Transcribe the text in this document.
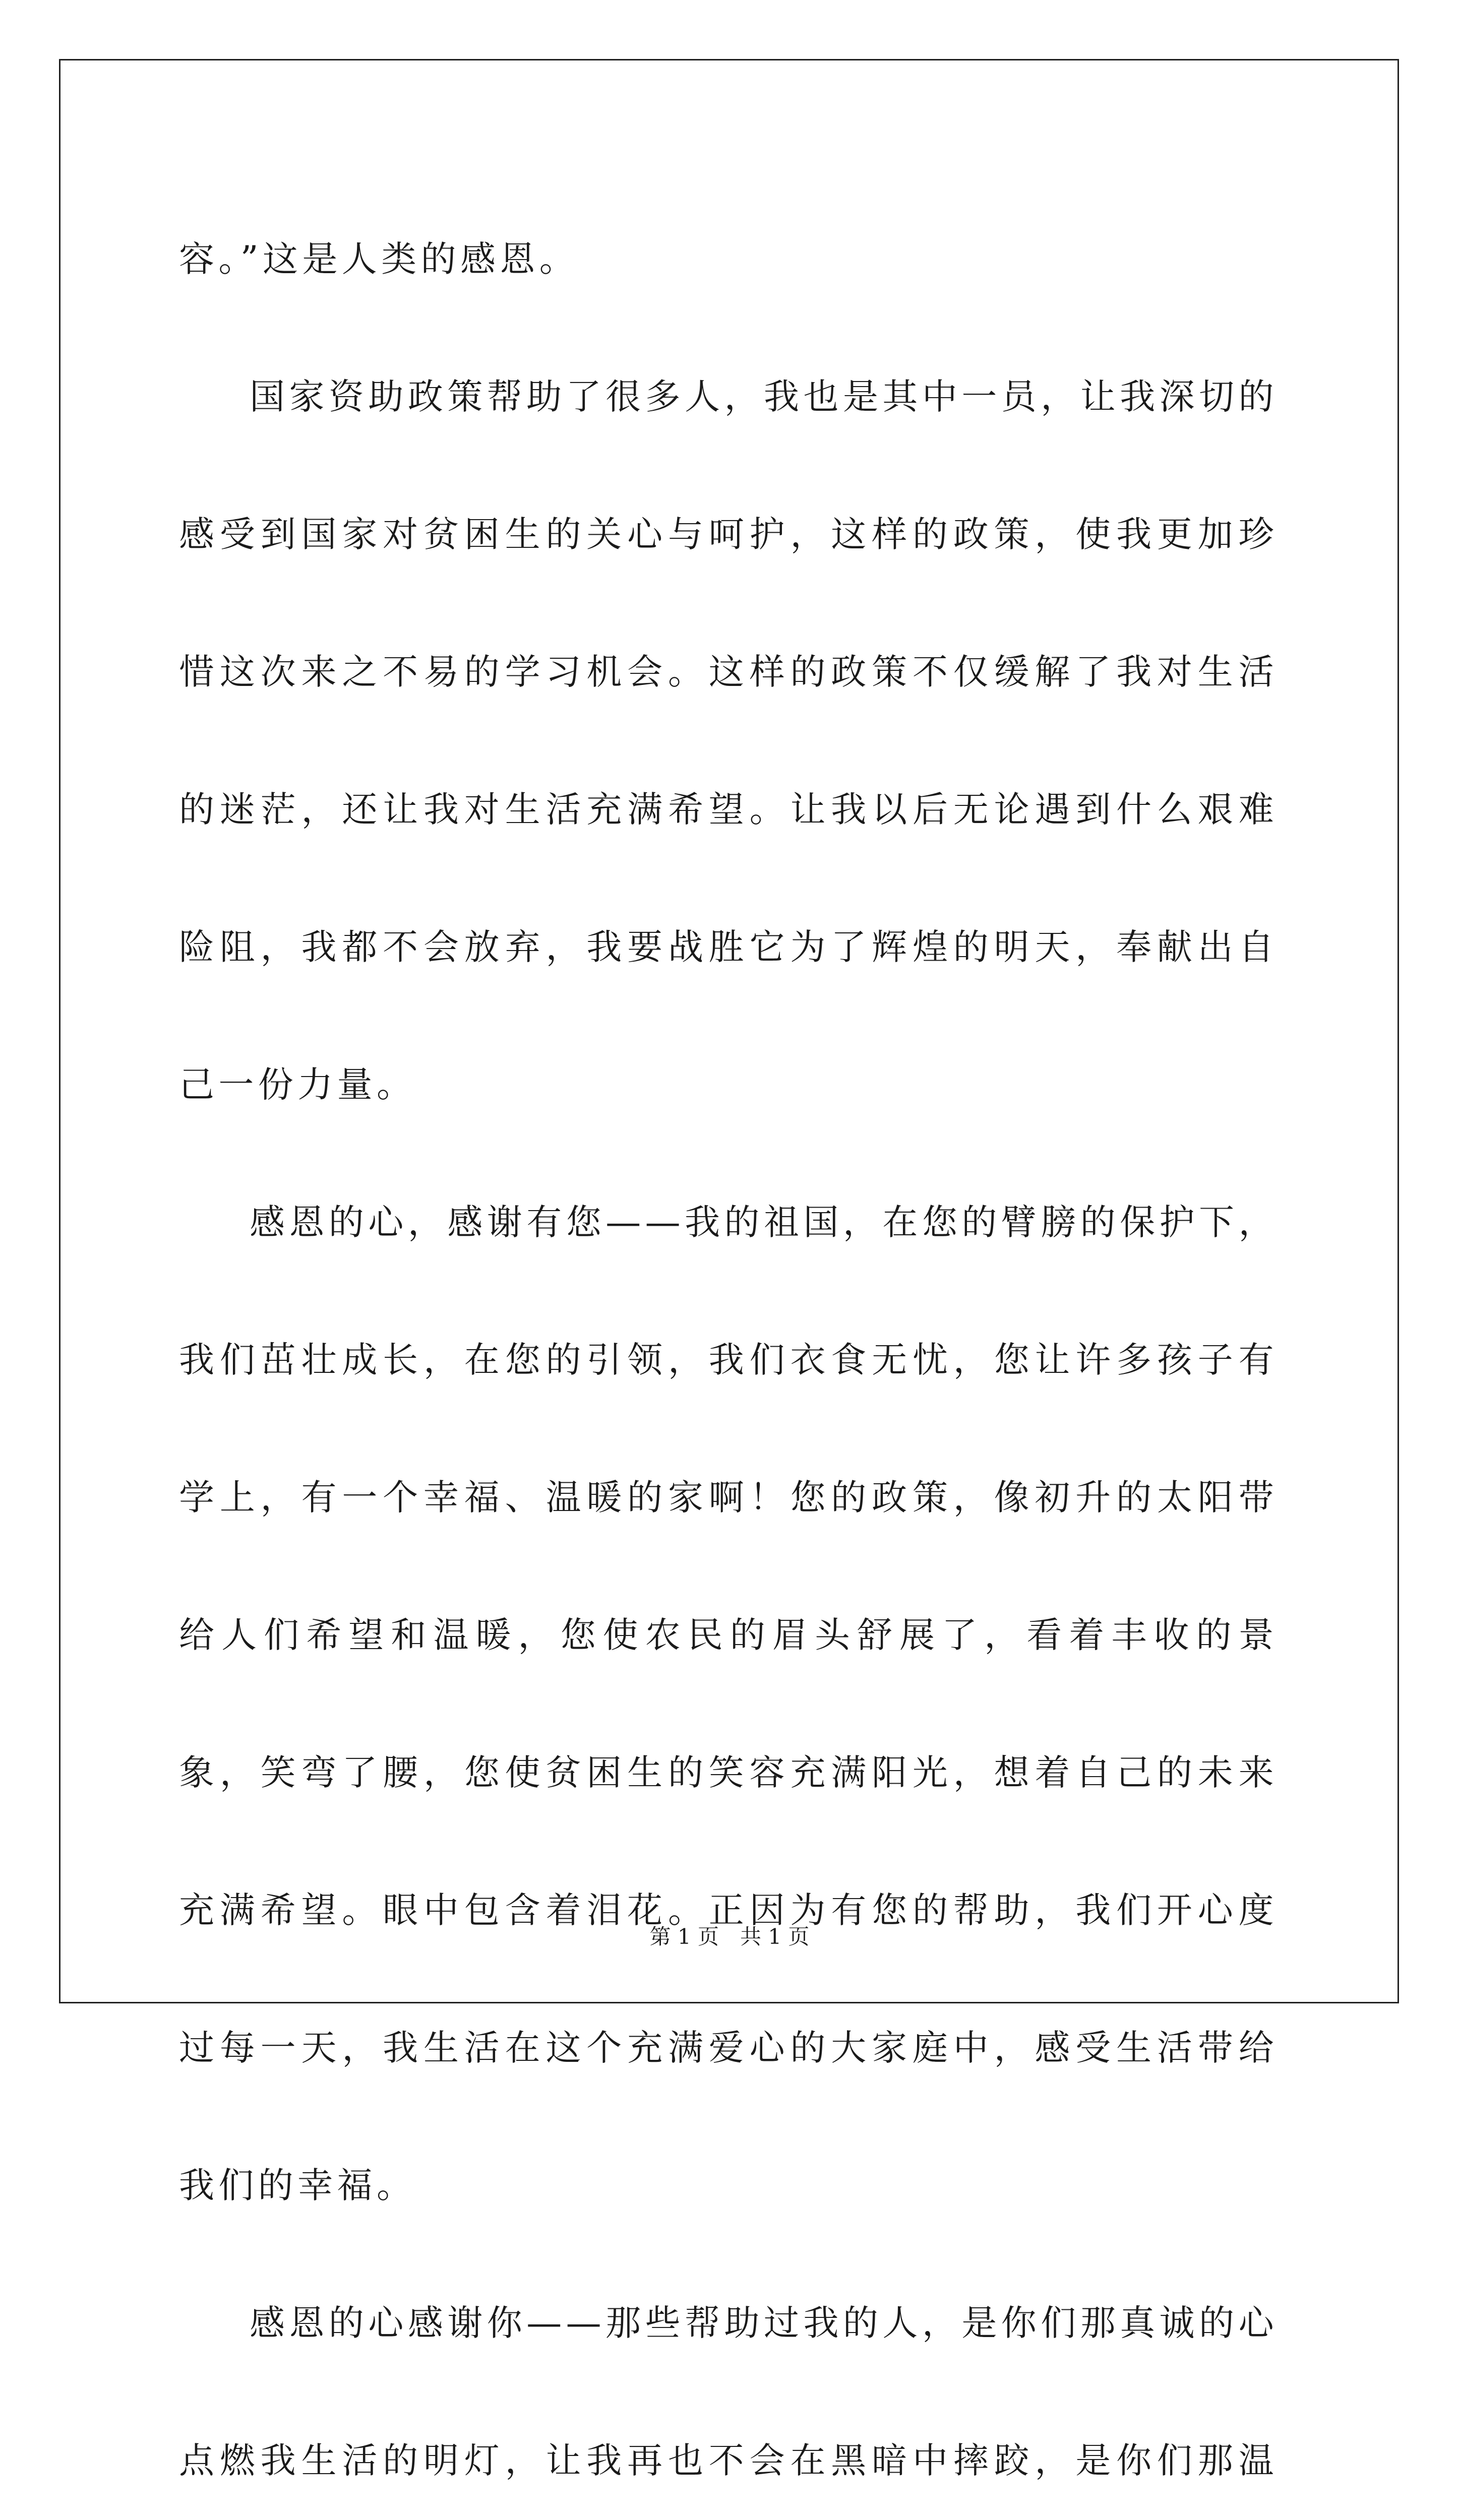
容。”这是人类的感恩。

国家资助政策帮助了很多人，我也是其中一员，让我深切的感受到国家对贫困生的关心与呵护，这样的政策，使我更加珍惜这次来之不易的学习机会。这样的政策不仅缓解了我对生活的迷茫，还让我对生活充满希望。让我以后无论遇到什么艰难险阻，我都不会放弃，我要战胜它为了辉煌的明天，奉献出自己一份力量。

感恩的心，感谢有您——我的祖国，在您的臂膀的保护下，我们茁壮成长，在您的引领，我们衣食无忧，您让许多孩子有学上，有一个幸福、温暖的家啊！您的政策，像初升的太阳带给人们希望和温暖，您使农民的眉头舒展了，看着丰收的景象，笑弯了腰，您使贫困生的笑容充满阳光，想着自己的未来充满希望。眼中包含着泪花。正因为有您的帮助，我们开心度过每一天，我生活在这个充满爱心的大家庭中，感受生活带给我们的幸福。

感恩的心感谢你——那些帮助过我的人，是你们那真诚的心点燃我生活的明灯，让我再也不会在黑暗中摔跤，是你们那温

第 1 页　共 1 页
